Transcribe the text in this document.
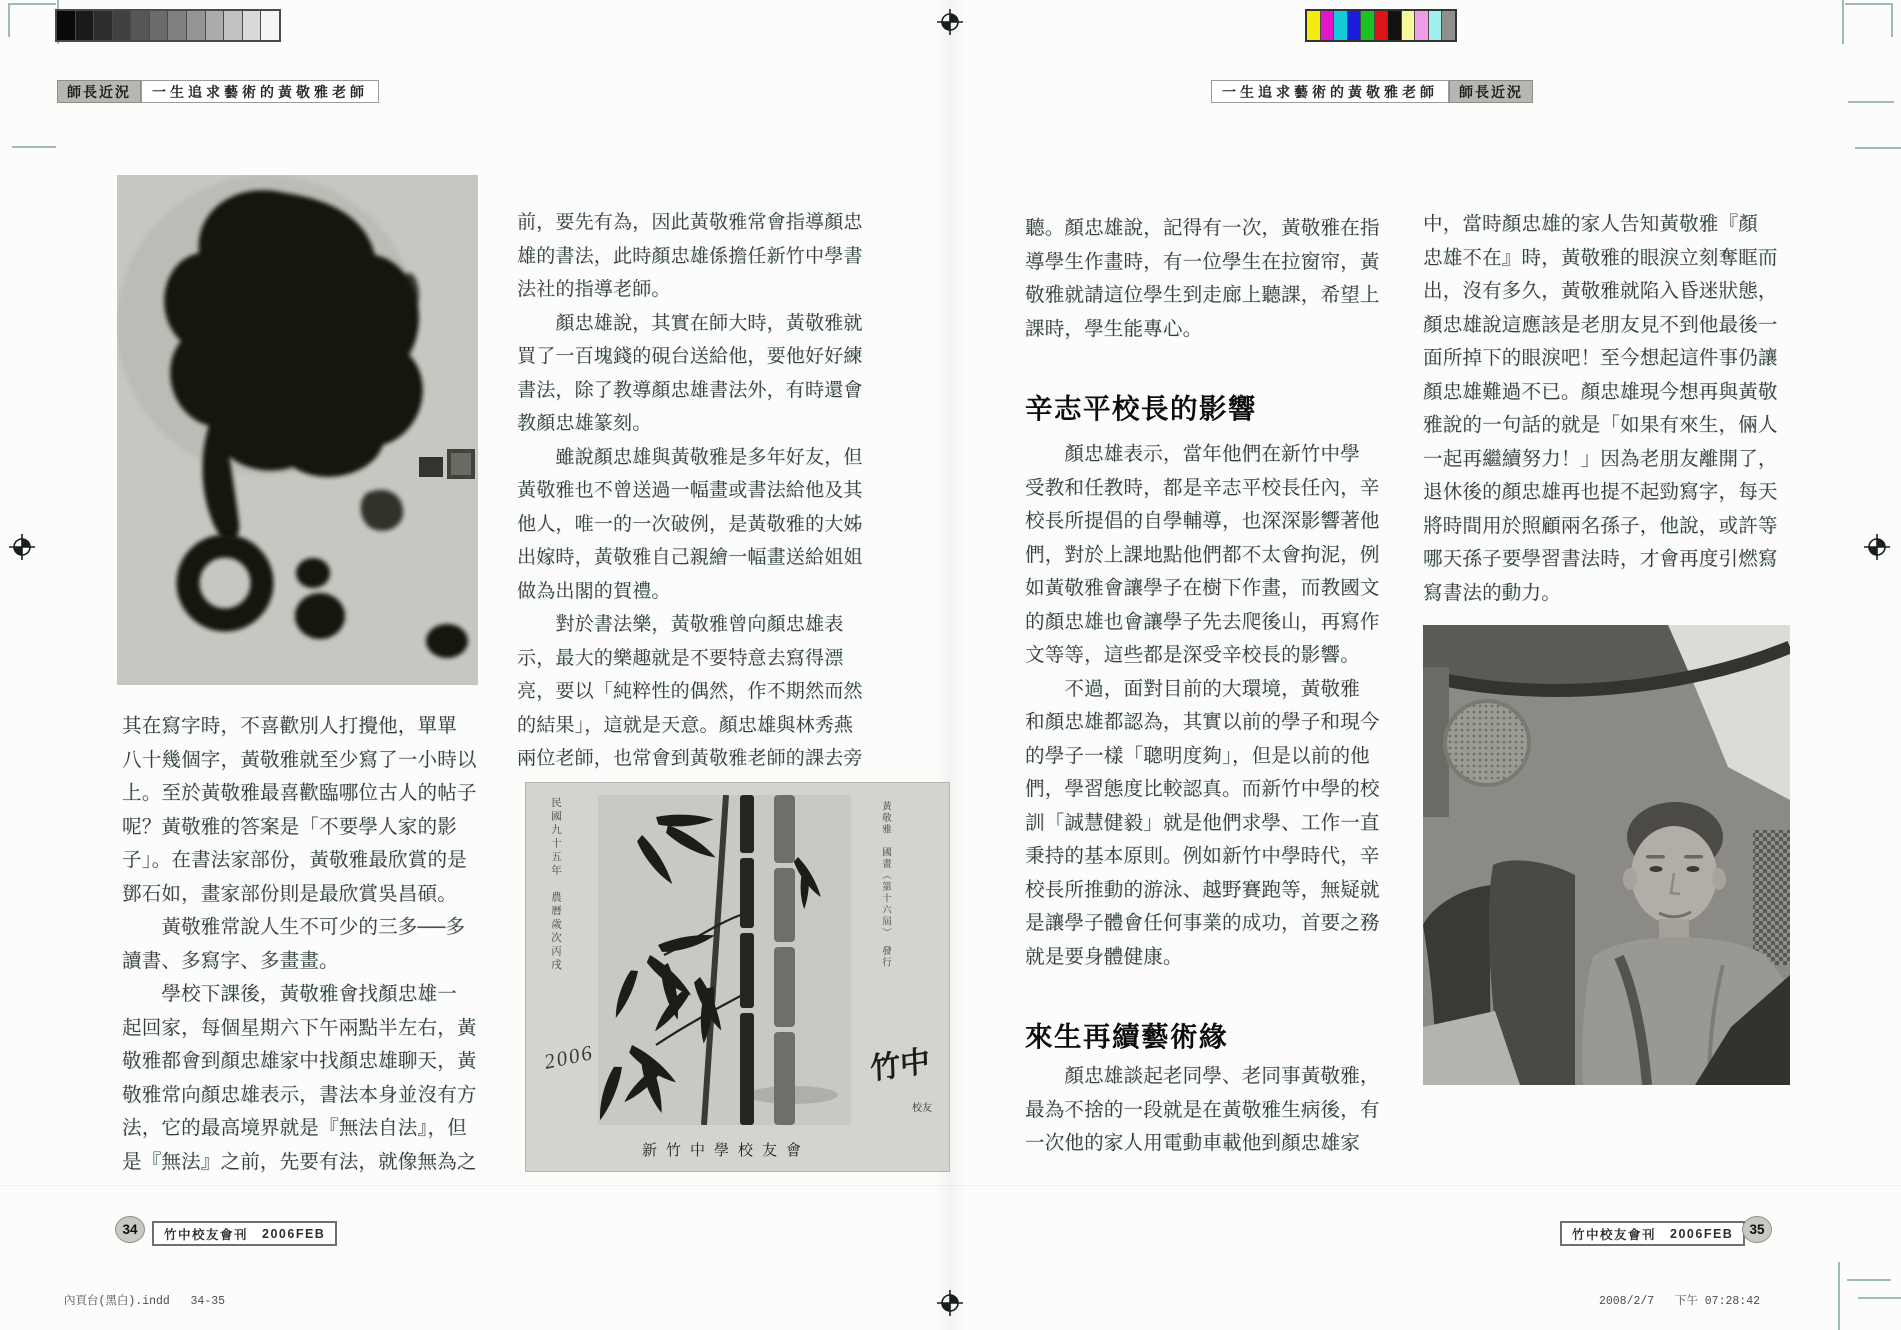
師長近況	一生追求藝術的黃敬雅老師	一生追求藝術的黃敬雅老師	師長近況
其在寫字時，不喜歡別人打攪他，單單
八十幾個字，黃敬雅就至少寫了一小時以
上。至於黃敬雅最喜歡臨哪位古人的帖子
呢？黃敬雅的答案是「不要學人家的影
子」。在書法家部份，黃敬雅最欣賞的是
鄧石如，畫家部份則是最欣賞吳昌碩。
　　黃敬雅常說人生不可少的三多──多
讀書、多寫字、多畫畫。
　　學校下課後，黃敬雅會找顏忠雄一
起回家，每個星期六下午兩點半左右，黃
敬雅都會到顏忠雄家中找顏忠雄聊天，黃
敬雅常向顏忠雄表示，書法本身並沒有方
法，它的最高境界就是『無法自法』，但
是『無法』之前，先要有法，就像無為之
前，要先有為，因此黃敬雅常會指導顏忠
雄的書法，此時顏忠雄係擔任新竹中學書
法社的指導老師。
　　顏忠雄說，其實在師大時，黃敬雅就
買了一百塊錢的硯台送給他，要他好好練
書法，除了教導顏忠雄書法外，有時還會
教顏忠雄篆刻。
　　雖說顏忠雄與黃敬雅是多年好友，但
黃敬雅也不曾送過一幅畫或書法給他及其
他人，唯一的一次破例，是黃敬雅的大姊
出嫁時，黃敬雅自己親繪一幅畫送給姐姐
做為出閣的賀禮。
　　對於書法樂，黃敬雅曾向顏忠雄表
示，最大的樂趣就是不要特意去寫得漂
亮，要以「純粹性的偶然，作不期然而然
的結果」，這就是天意。顏忠雄與林秀燕
兩位老師，也常會到黃敬雅老師的課去旁
民國九十五年　農曆歲次丙戌
2006
黃敬雅　國畫（第十六屆）　發行
竹中
校友
新竹中學校友會
聽。顏忠雄說，記得有一次，黃敬雅在指
導學生作畫時，有一位學生在拉窗帘，黃
敬雅就請這位學生到走廊上聽課，希望上
課時，學生能專心。
辛志平校長的影響
　　顏忠雄表示，當年他們在新竹中學
受教和任教時，都是辛志平校長任內，辛
校長所提倡的自學輔導，也深深影響著他
們，對於上課地點他們都不太會拘泥，例
如黃敬雅會讓學子在樹下作畫，而教國文
的顏忠雄也會讓學子先去爬後山，再寫作
文等等，這些都是深受辛校長的影響。
　　不過，面對目前的大環境，黃敬雅
和顏忠雄都認為，其實以前的學子和現今
的學子一樣「聰明度夠」，但是以前的他
們，學習態度比較認真。而新竹中學的校
訓「誠慧健毅」就是他們求學、工作一直
秉持的基本原則。例如新竹中學時代，辛
校長所推動的游泳、越野賽跑等，無疑就
是讓學子體會任何事業的成功，首要之務
就是要身體健康。
來生再續藝術緣
　　顏忠雄談起老同學、老同事黃敬雅，
最為不捨的一段就是在黃敬雅生病後，有
一次他的家人用電動車載他到顏忠雄家
中，當時顏忠雄的家人告知黃敬雅『顏
忠雄不在』時，黃敬雅的眼淚立刻奪眶而
出，沒有多久，黃敬雅就陷入昏迷狀態，
顏忠雄說這應該是老朋友見不到他最後一
面所掉下的眼淚吧！至今想起這件事仍讓
顏忠雄難過不已。顏忠雄現今想再與黃敬
雅說的一句話的就是「如果有來生，倆人
一起再繼續努力！」因為老朋友離開了，
退休後的顏忠雄再也提不起勁寫字，每天
將時間用於照顧兩名孫子，他說，或許等
哪天孫子要學習書法時，才會再度引燃寫
寫書法的動力。
34 竹中校友會刊 2006FEB	竹中校友會刊 2006FEB 35
內頁台(黑白).indd   34-35	2008/2/7   下午 07:28:42
